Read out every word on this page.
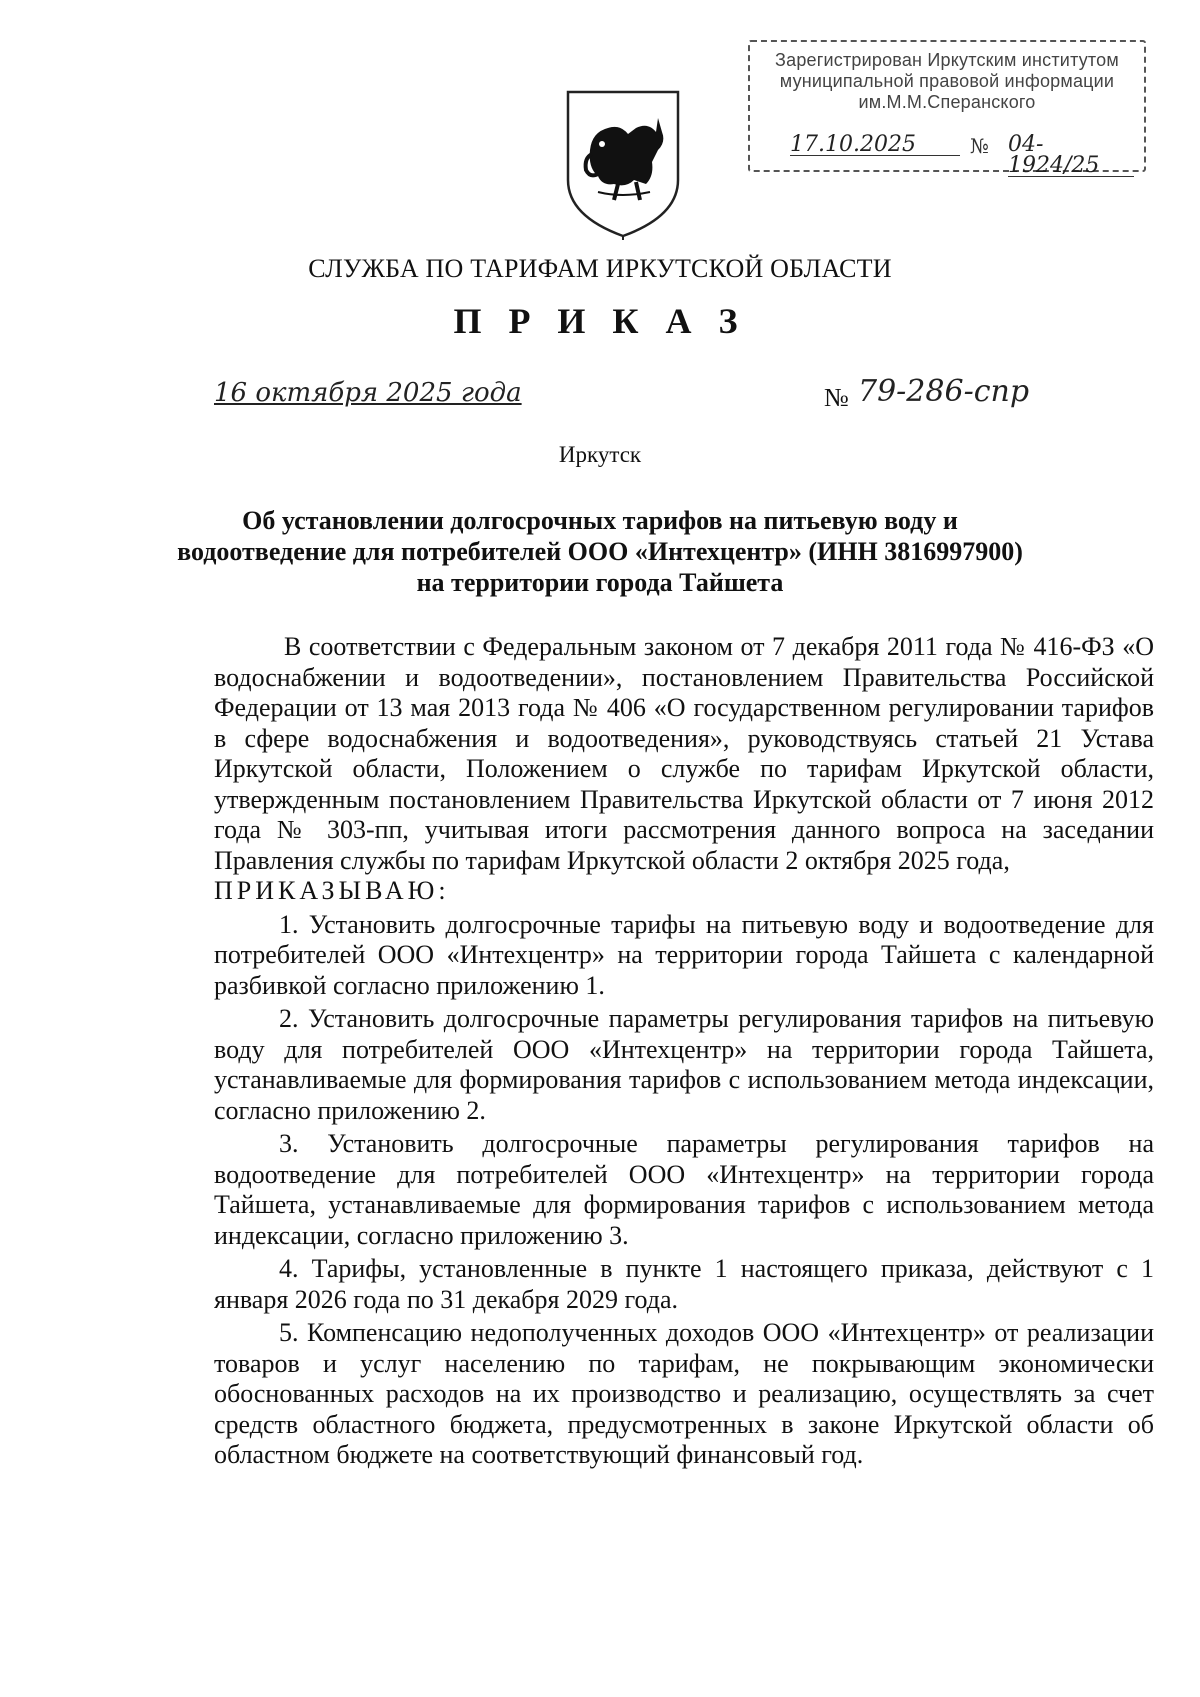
Зарегистрирован Иркутским институтом
муниципальной правовой информации
им.М.М.Сперанского
17.10.2025	№ 04-1924/25
СЛУЖБА ПО ТАРИФАМ ИРКУТСКОЙ ОБЛАСТИ
П Р И К А З
16 октября 2025 года	№ 79-286-спр
Иркутск
Об установлении долгосрочных тарифов на питьевую воду и водоотведение для потребителей ООО «Интехцентр» (ИНН 3816997900) на территории города Тайшета

В соответствии с Федеральным законом от 7 декабря 2011 года № 416-ФЗ «О водоснабжении и водоотведении», постановлением Правительства Российской Федерации от 13 мая 2013 года № 406 «О государственном регулировании тарифов в сфере водоснабжения и водоотведения», руководствуясь статьей 21 Устава Иркутской области, Положением о службе по тарифам Иркутской области, утвержденным постановлением Правительства Иркутской области от 7 июня 2012 года № 303-пп, учитывая итоги рассмотрения данного вопроса на заседании Правления службы по тарифам Иркутской области 2 октября 2025 года,

ПРИКАЗЫВАЮ:

1. Установить долгосрочные тарифы на питьевую воду и водоотведение для потребителей ООО «Интехцентр» на территории города Тайшета с календарной разбивкой согласно приложению 1.

2. Установить долгосрочные параметры регулирования тарифов на питьевую воду для потребителей ООО «Интехцентр» на территории города Тайшета, устанавливаемые для формирования тарифов с использованием метода индексации, согласно приложению 2.

3. Установить долгосрочные параметры регулирования тарифов на водоотведение для потребителей ООО «Интехцентр» на территории города Тайшета, устанавливаемые для формирования тарифов с использованием метода индексации, согласно приложению 3.

4. Тарифы, установленные в пункте 1 настоящего приказа, действуют с 1 января 2026 года по 31 декабря 2029 года.

5. Компенсацию недополученных доходов ООО «Интехцентр» от реализации товаров и услуг населению по тарифам, не покрывающим экономически обоснованных расходов на их производство и реализацию, осуществлять за счет средств областного бюджета, предусмотренных в законе Иркутской области об областном бюджете на соответствующий финансовый год.
